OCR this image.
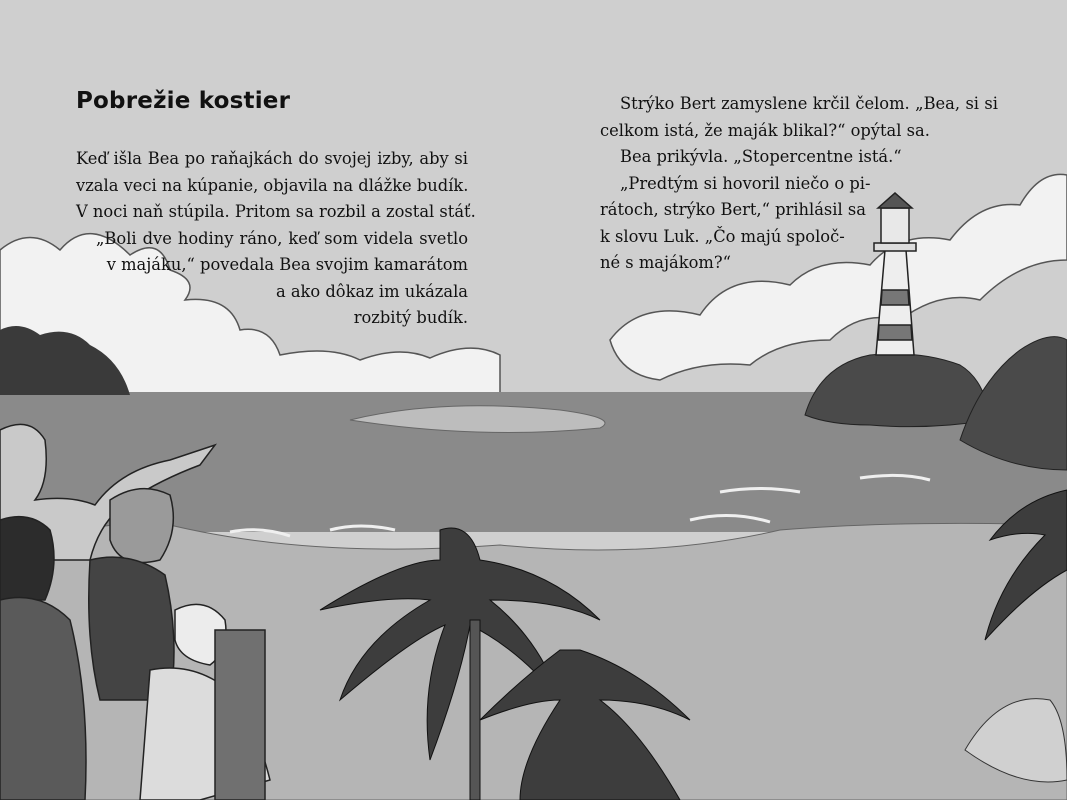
Pobrežie kostier
Keď išla Bea po raňajkách do svojej izby, aby si
vzala veci na kúpanie, objavila na dlážke budík.
V noci naň stúpila. Pritom sa rozbil a zostal stáť.
„Boli dve hodiny ráno, keď som videla svetlo
v majáku,“ povedala Bea svojim kamarátom
a ako dôkaz im ukázala
rozbitý budík.
Strýko Bert zamyslene krčil čelom. „Bea, si si
celkom istá, že maják blikal?“ opýtal sa.
Bea prikývla. „Stopercentne istá.“
„Predtým si hovoril niečo o pi-
rátoch, strýko Bert,“ prihlásil sa
k slovu Luk. „Čo majú spoloč-
né s majákom?“
